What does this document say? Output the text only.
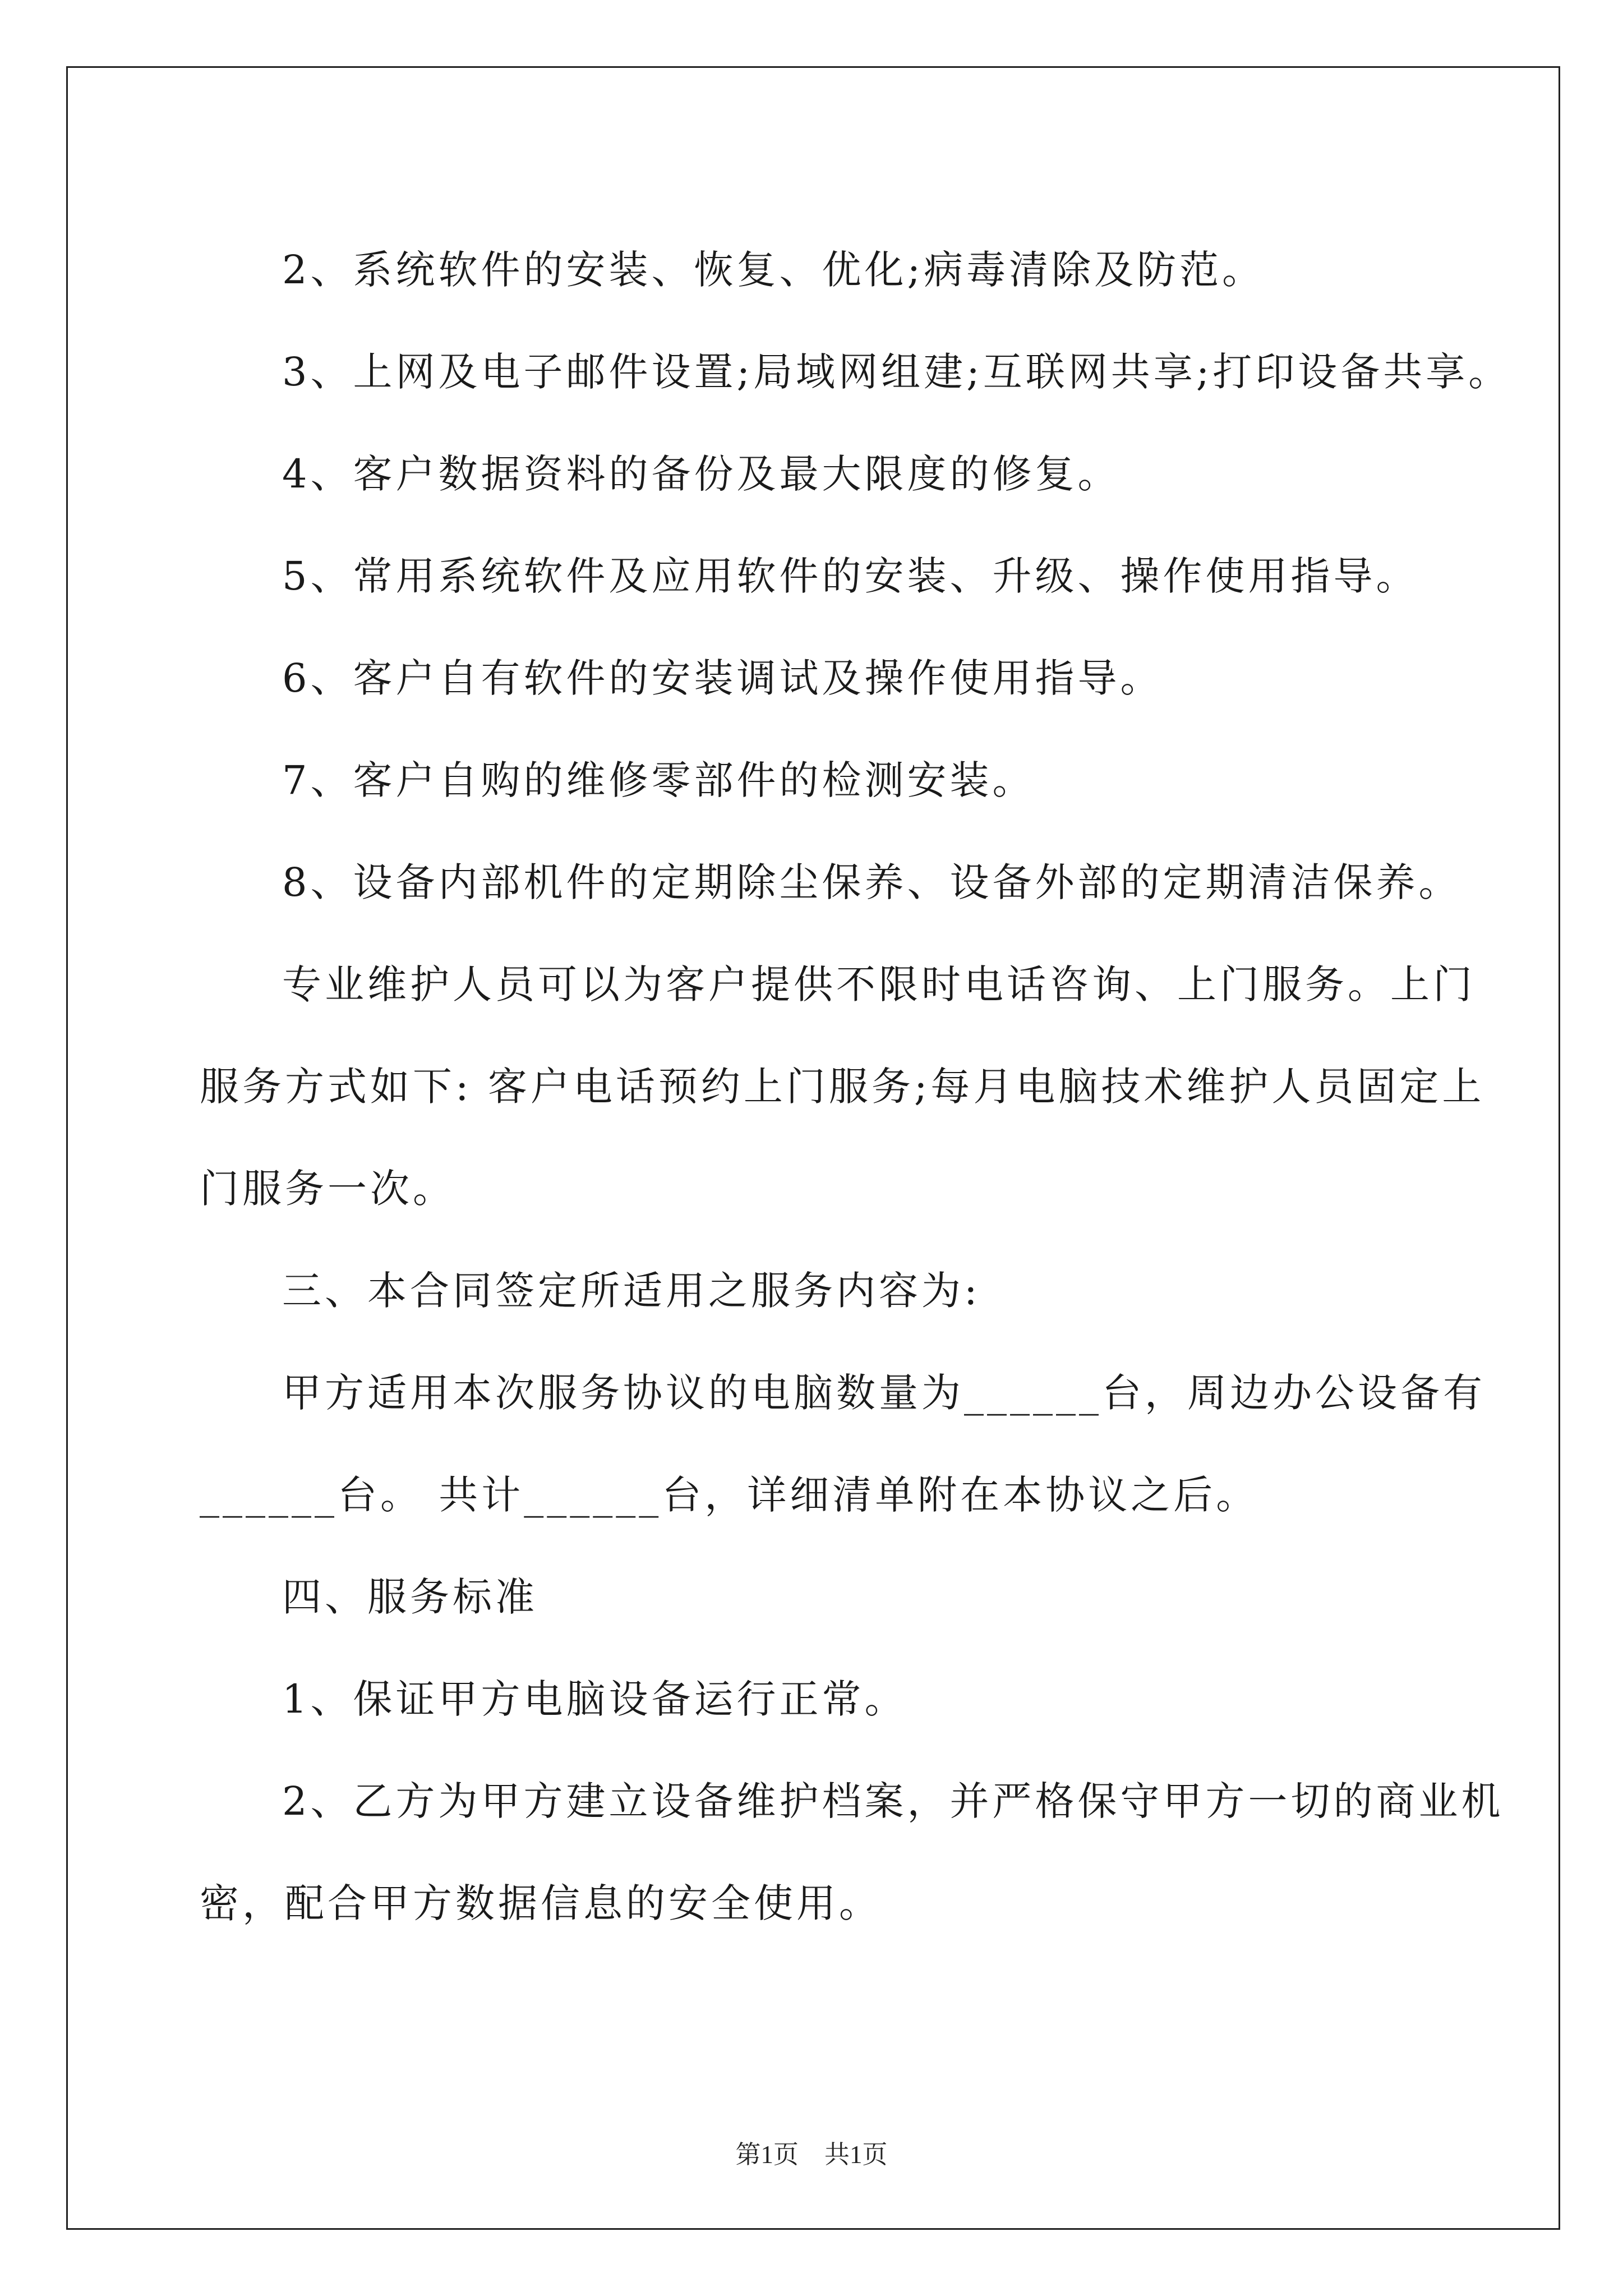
2、系统软件的安装、恢复、优化;病毒清除及防范。

3、上网及电子邮件设置;局域网组建;互联网共享;打印设备共享。

4、客户数据资料的备份及最大限度的修复。

5、常用系统软件及应用软件的安装、升级、操作使用指导。

6、客户自有软件的安装调试及操作使用指导。

7、客户自购的维修零部件的检测安装。

8、设备内部机件的定期除尘保养、设备外部的定期清洁保养。

专业维护人员可以为客户提供不限时电话咨询、上门服务。上门

服务方式如下: 客户电话预约上门服务;每月电脑技术维护人员固定上

门服务一次。

三、本合同签定所适用之服务内容为:

甲方适用本次服务协议的电脑数量为______台，周边办公设备有

______台。 共计______台，详细清单附在本协议之后。

四、服务标准

1、保证甲方电脑设备运行正常。

2、乙方为甲方建立设备维护档案，并严格保守甲方一切的商业机

密，配合甲方数据信息的安全使用。

第1页 共1页
